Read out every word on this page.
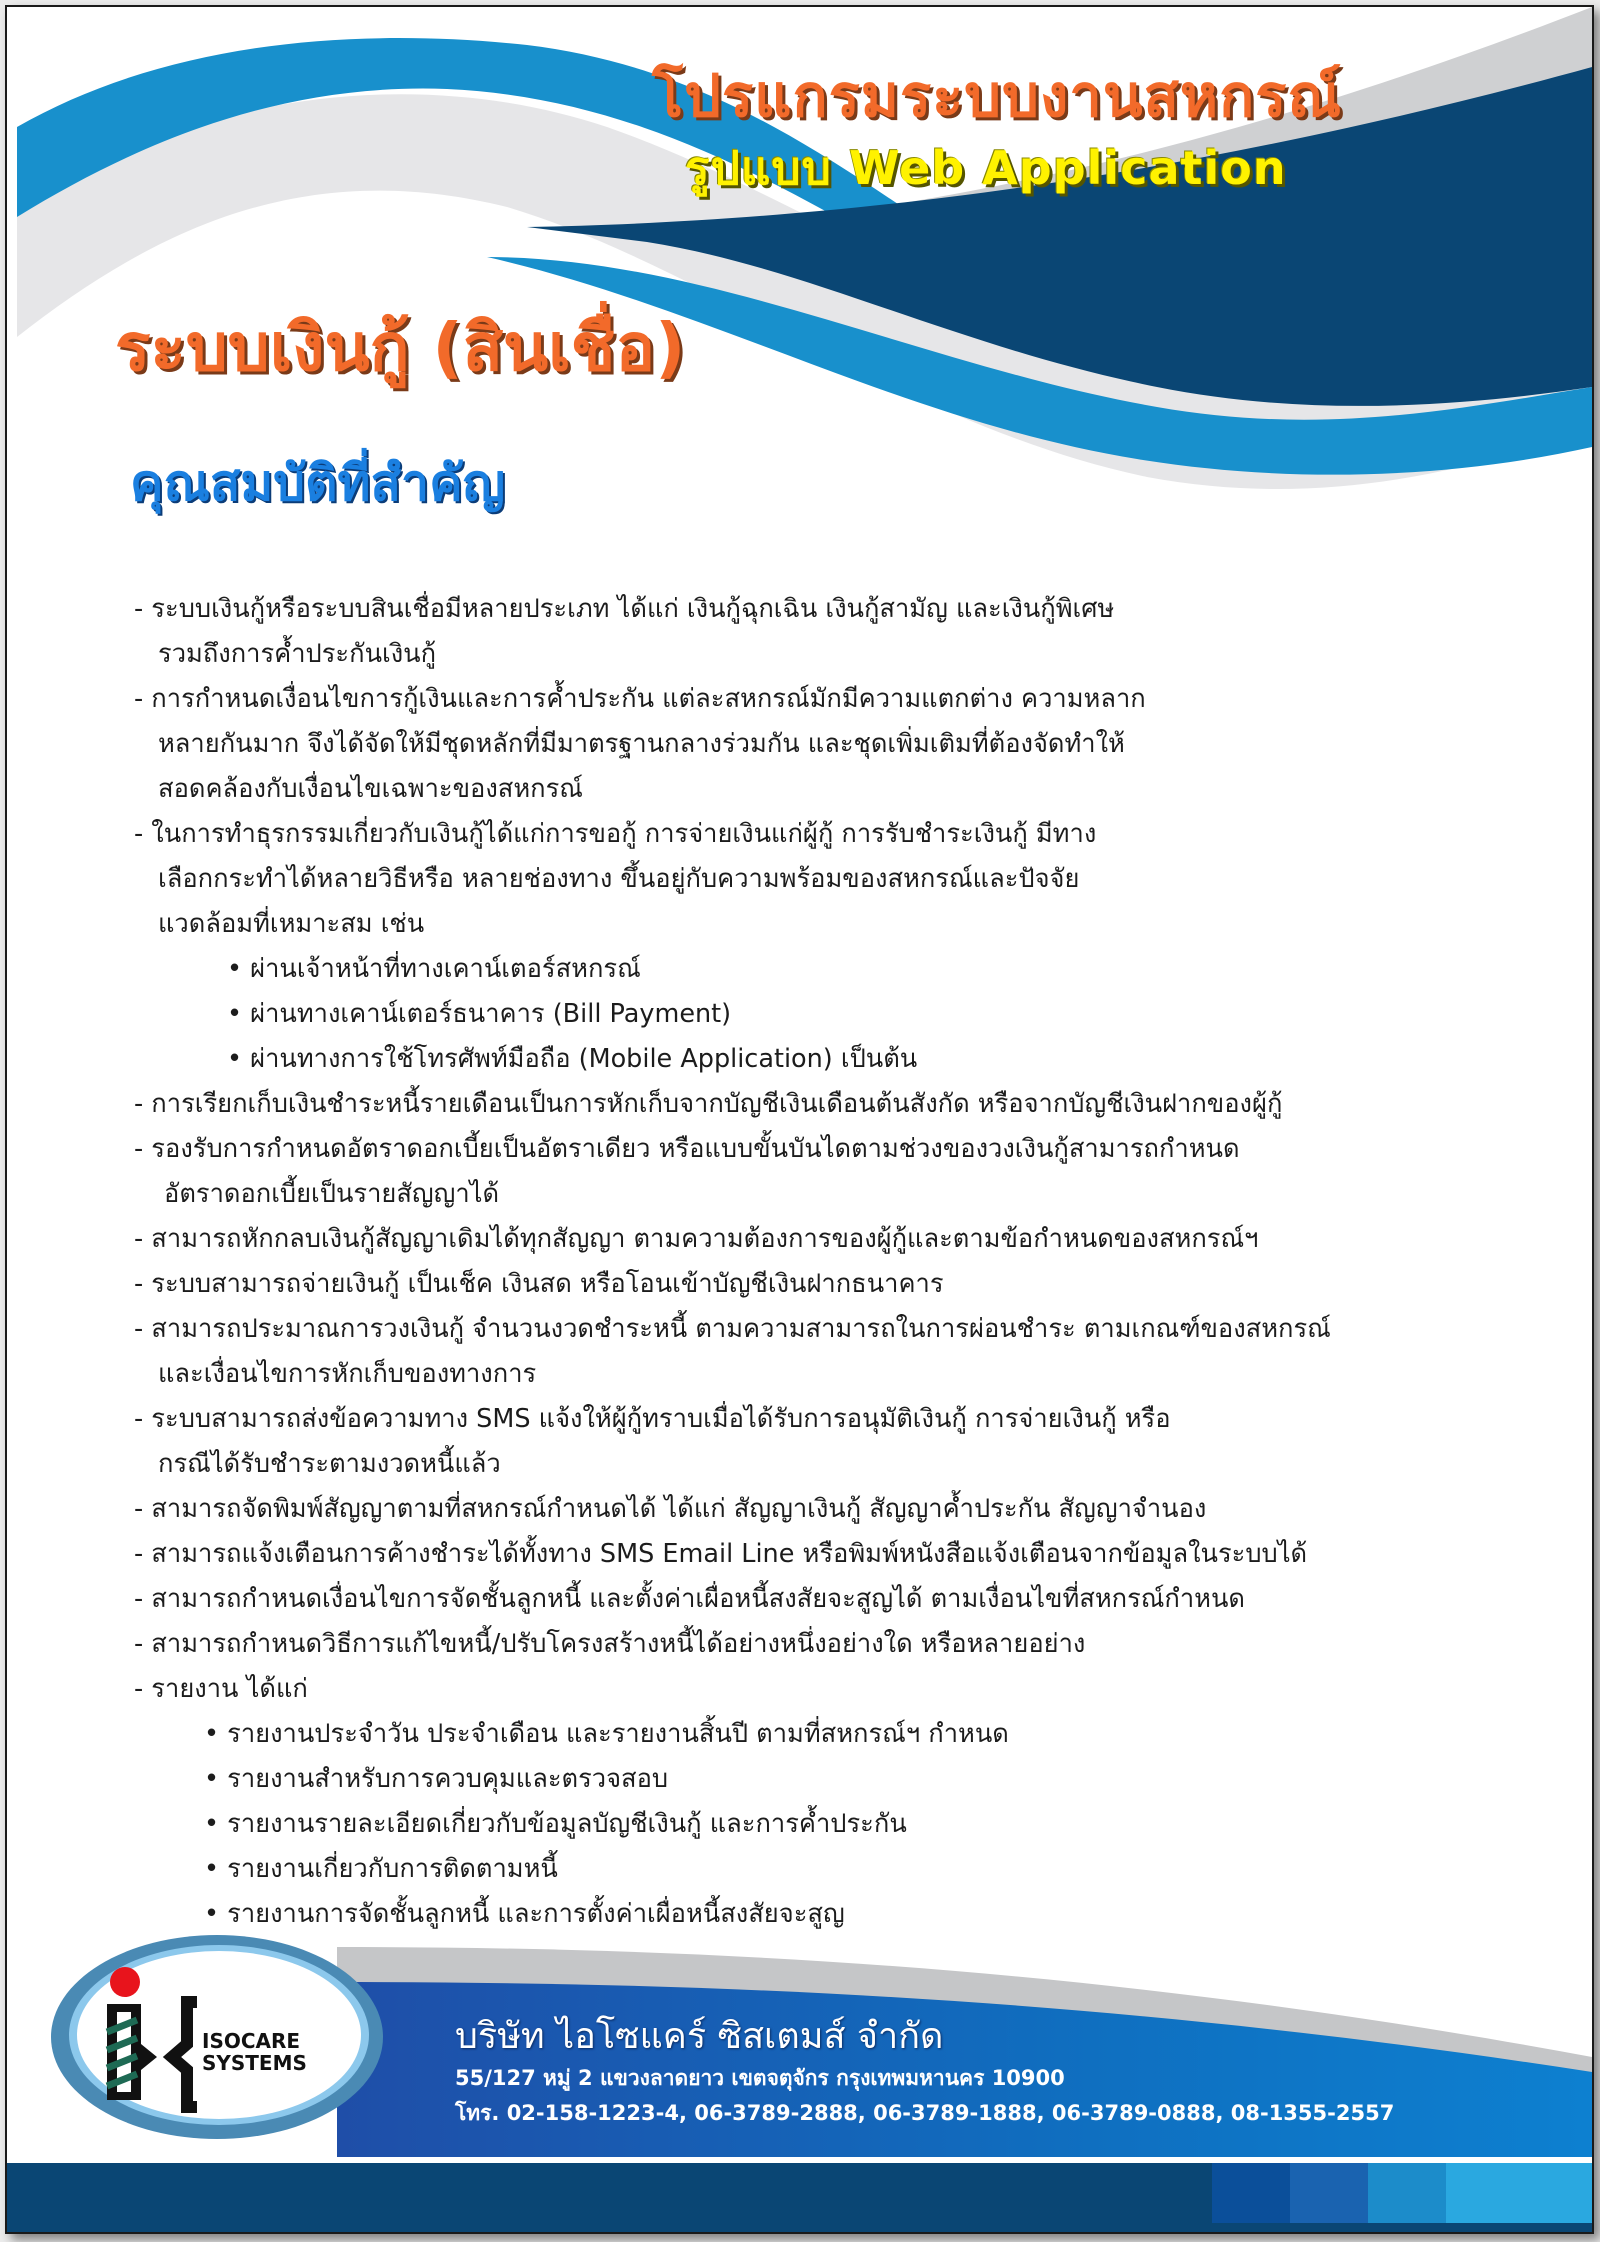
โปรแกรมระบบงานสหกรณ์
รูปแบบ Web Application
ระบบเงินกู้ (สินเชื่อ)
คุณสมบัติที่สำคัญ
- ระบบเงินกู้หรือระบบสินเชื่อมีหลายประเภท ได้แก่ เงินกู้ฉุกเฉิน เงินกู้สามัญ และเงินกู้พิเศษ
รวมถึงการค้ำประกันเงินกู้
- การกำหนดเงื่อนไขการกู้เงินและการค้ำประกัน แต่ละสหกรณ์มักมีความแตกต่าง ความหลาก
หลายกันมาก จึงได้จัดให้มีชุดหลักที่มีมาตรฐานกลางร่วมกัน และชุดเพิ่มเติมที่ต้องจัดทำให้
สอดคล้องกับเงื่อนไขเฉพาะของสหกรณ์
- ในการทำธุรกรรมเกี่ยวกับเงินกู้ได้แก่การขอกู้ การจ่ายเงินแก่ผู้กู้ การรับชำระเงินกู้ มีทาง
เลือกกระทำได้หลายวิธีหรือ หลายช่องทาง ขึ้นอยู่กับความพร้อมของสหกรณ์และปัจจัย
แวดล้อมที่เหมาะสม เช่น
• ผ่านเจ้าหน้าที่ทางเคาน์เตอร์สหกรณ์
• ผ่านทางเคาน์เตอร์ธนาคาร (Bill Payment)
• ผ่านทางการใช้โทรศัพท์มือถือ (Mobile Application) เป็นต้น
- การเรียกเก็บเงินชำระหนี้รายเดือนเป็นการหักเก็บจากบัญชีเงินเดือนต้นสังกัด หรือจากบัญชีเงินฝากของผู้กู้
- รองรับการกำหนดอัตราดอกเบี้ยเป็นอัตราเดียว หรือแบบขั้นบันไดตามช่วงของวงเงินกู้สามารถกำหนด
อัตราดอกเบี้ยเป็นรายสัญญาได้
- สามารถหักกลบเงินกู้สัญญาเดิมได้ทุกสัญญา ตามความต้องการของผู้กู้และตามข้อกำหนดของสหกรณ์ฯ
- ระบบสามารถจ่ายเงินกู้ เป็นเช็ค เงินสด หรือโอนเข้าบัญชีเงินฝากธนาคาร
- สามารถประมาณการวงเงินกู้ จำนวนงวดชำระหนี้ ตามความสามารถในการผ่อนชำระ ตามเกณฑ์ของสหกรณ์
และเงื่อนไขการหักเก็บของทางการ
- ระบบสามารถส่งข้อความทาง SMS แจ้งให้ผู้กู้ทราบเมื่อได้รับการอนุมัติเงินกู้ การจ่ายเงินกู้ หรือ
กรณีได้รับชำระตามงวดหนี้แล้ว
- สามารถจัดพิมพ์สัญญาตามที่สหกรณ์กำหนดได้ ได้แก่ สัญญาเงินกู้ สัญญาค้ำประกัน สัญญาจำนอง
- สามารถแจ้งเตือนการค้างชำระได้ทั้งทาง SMS Email Line หรือพิมพ์หนังสือแจ้งเตือนจากข้อมูลในระบบได้
- สามารถกำหนดเงื่อนไขการจัดชั้นลูกหนี้ และตั้งค่าเผื่อหนี้สงสัยจะสูญได้ ตามเงื่อนไขที่สหกรณ์กำหนด
- สามารถกำหนดวิธีการแก้ไขหนี้/ปรับโครงสร้างหนี้ได้อย่างหนึ่งอย่างใด หรือหลายอย่าง
- รายงาน ได้แก่
• รายงานประจำวัน ประจำเดือน และรายงานสิ้นปี ตามที่สหกรณ์ฯ กำหนด
• รายงานสำหรับการควบคุมและตรวจสอบ
• รายงานรายละเอียดเกี่ยวกับข้อมูลบัญชีเงินกู้ และการค้ำประกัน
• รายงานเกี่ยวกับการติดตามหนี้
• รายงานการจัดชั้นลูกหนี้ และการตั้งค่าเผื่อหนี้สงสัยจะสูญ
ISOCARE
SYSTEMS
บริษัท ไอโซแคร์ ซิสเตมส์ จำกัด
55/127 หมู่ 2 แขวงลาดยาว เขตจตุจักร กรุงเทพมหานคร 10900
โทร. 02-158-1223-4, 06-3789-2888, 06-3789-1888, 06-3789-0888, 08-1355-2557
